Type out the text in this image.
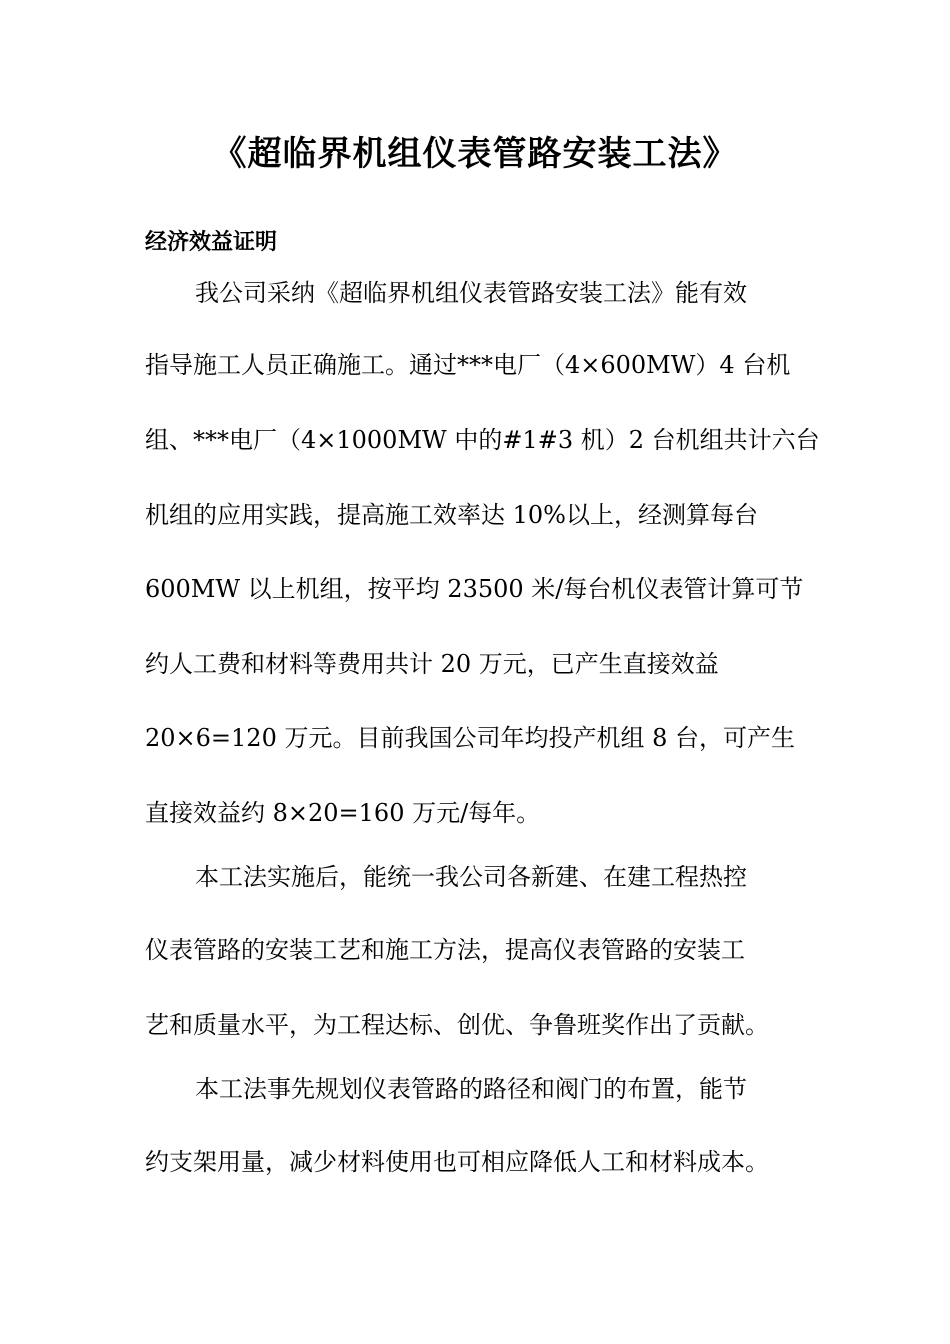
《超临界机组仪表管路安装工法》
经济效益证明
我公司采纳《超临界机组仪表管路安装工法》能有效
指导施工人员正确施工。通过***电厂（4×600MW）4 台机
组、***电厂（4×1000MW 中的#1#3 机）2 台机组共计六台
机组的应用实践，提高施工效率达 10%以上，经测算每台
600MW 以上机组，按平均 23500 米/每台机仪表管计算可节
约人工费和材料等费用共计 20 万元，已产生直接效益
20×6=120 万元。目前我国公司年均投产机组 8 台，可产生
直接效益约 8×20=160 万元/每年。
本工法实施后，能统一我公司各新建、在建工程热控
仪表管路的安装工艺和施工方法，提高仪表管路的安装工
艺和质量水平，为工程达标、创优、争鲁班奖作出了贡献。
本工法事先规划仪表管路的路径和阀门的布置，能节
约支架用量，减少材料使用也可相应降低人工和材料成本。
